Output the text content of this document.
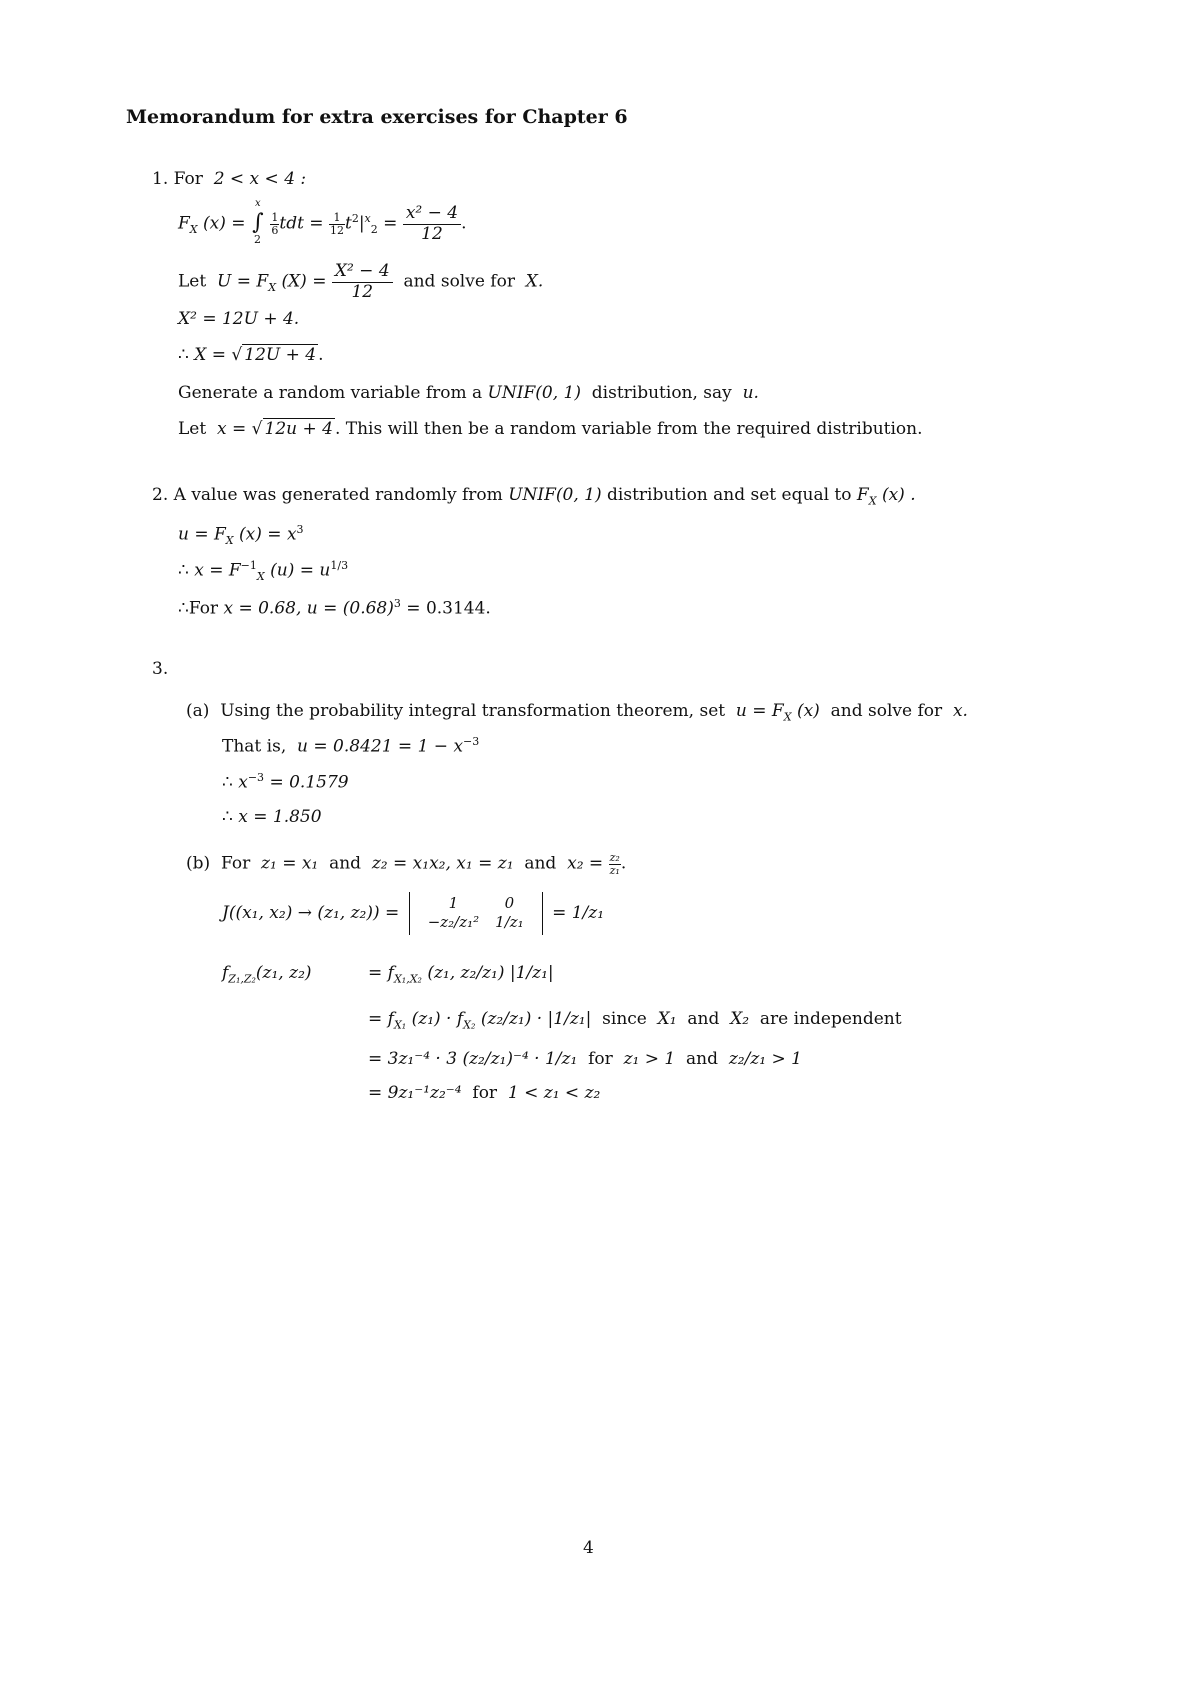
Memorandum for extra exercises for Chapter 6
1. For 2 < x < 4 :
$F_X$ (x) =
x
∫
2

$\frac{1}{6}$ tdt = $\frac{1}{12} t^2|^x_2 = \frac{\text{x² − 4}}{12}$ .
Let $U = F_X$ $(X) = \frac{\text{X² − 4}}{12}$ and solve for X.
X² = 12U + 4.
∴ X = √ 12U + 4 .
Generate a random variable from a UNIF(0, 1) distribution, say u.
Let x = √ 12u + 4 . This will then be a random variable from the required distribution.
2. A value was generated randomly from UNIF(0, 1) distribution and set equal to $F_X$ (x) .
$u = F_X$ $(x) = x^3$
∴ $x = F^{-1}_X$ $(u) = u^{1/3}$
∴For x = 0.68, $u = (0.68)^3 = 0.3144$.
3.
(a) Using the probability integral transformation theorem, set $u = F_X$ (x) and solve for x.
That is, $u = 0.8421 = 1 - x^{-3}$
∴ $x^{-3} = 0.1579$
∴ x = 1.850
(b) For z₁ = x₁ and z₂ = x₁x₂, x₁ = z₁ and $x_2 = \frac{\text{z₂}}{\text{z₁}}$ .
J((x₁, x₂) → (z₁, z₂)) =	1	0
−z₂/z₁²	1/z₁ = 1/z₁
$f_{Z_1,Z_2}(z_1$, z₂)	= $f_{X_1,X_2}$ (z₁, z₂/z₁) |1/z₁|
= $f_{X_1}$ $(z_1) \cdot f_{X_2}$ (z₂/z₁) · |1/z₁| since X₁ and X₂ are independent
= 3z₁⁻⁴ · 3 (z₂/z₁)⁻⁴ · 1/z₁ for z₁ > 1 and z₂/z₁ > 1
= 9z₁⁻¹z₂⁻⁴ for 1 < z₁ < z₂
4
